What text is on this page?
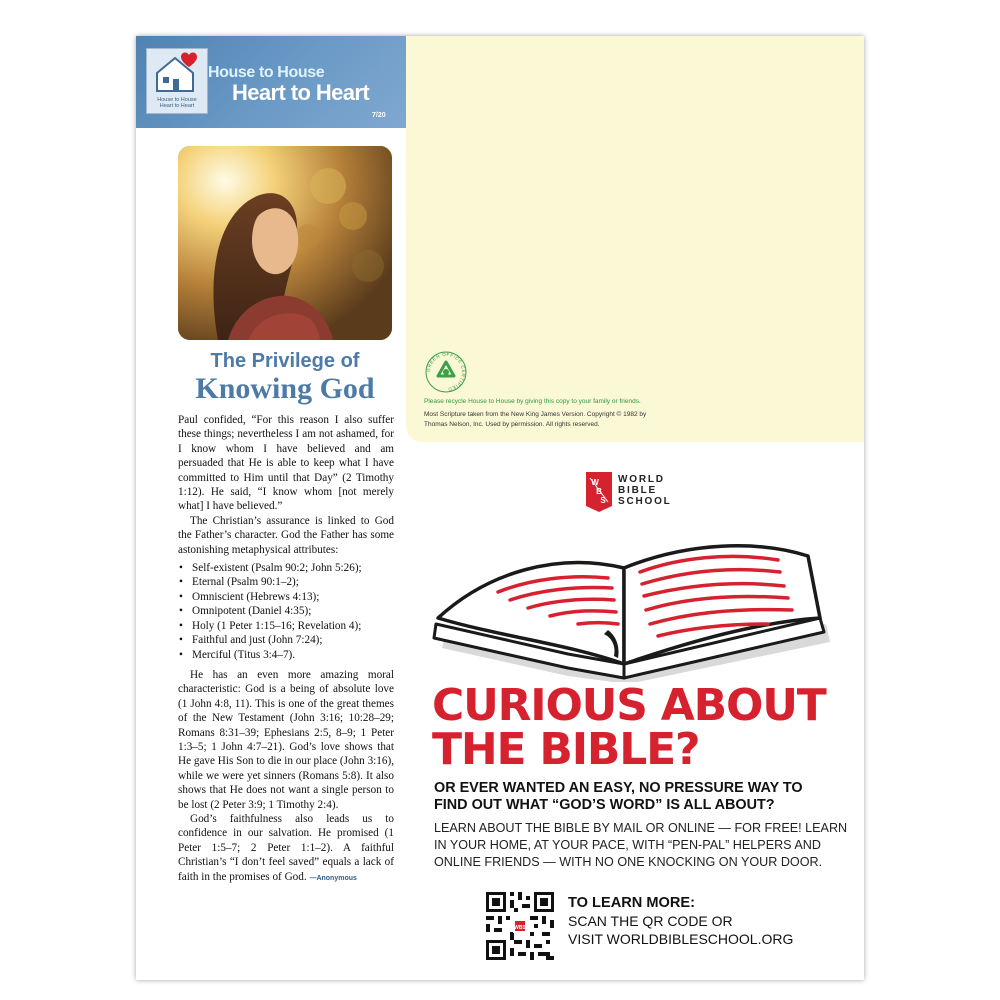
House to House
Heart to Heart
House to House
Heart to Heart
7/20
GREEN OFFICE CERTIFIED
Please recycle House to House by giving this copy to your family or friends.
Most Scripture taken from the New King James Version. Copyright © 1982 by
Thomas Nelson, Inc. Used by permission. All rights reserved.
The Privilege of
Knowing God

Paul confided, “For this reason I also suffer these things; nevertheless I am not ashamed, for I know whom I have believed and am persuaded that He is able to keep what I have committed to Him until that Day” (2 Timothy 1:12). He said, “I know whom [not merely what] I have believed.”

The Christian’s assurance is linked to God the Father’s character. God the Father has some astonishing metaphysical attributes:

• Self-existent (Psalm 90:2; John 5:26);
• Eternal (Psalm 90:1–2);
• Omniscient (Hebrews 4:13);
• Omnipotent (Daniel 4:35);
• Holy (1 Peter 1:15–16; Revelation 4);
• Faithful and just (John 7:24);
• Merciful (Titus 3:4–7).

He has an even more amazing moral characteristic: God is a being of absolute love (1 John 4:8, 11). This is one of the great themes of the New Testament (John 3:16; 10:28–29; Romans 8:31–39; Ephesians 2:5, 8–9; 1 Peter 1:3–5; 1 John 4:7–21). God’s love shows that He gave His Son to die in our place (John 3:16), while we were yet sinners (Romans 5:8). It also shows that He does not want a single person to be lost (2 Peter 3:9; 1 Timothy 2:4).

God’s faithfulness also leads us to confidence in our salvation. He promised (1 Peter 1:5–7; 2 Peter 1:1–2). A faithful Christian’s “I don’t feel saved” equals a lack of faith in the promises of God. —Anonymous

W
B
S
WORLD
BIBLE
SCHOOL
CURIOUS ABOUT
THE BIBLE?
OR EVER WANTED AN EASY, NO PRESSURE WAY TO
FIND OUT WHAT “GOD’S WORD” IS ALL ABOUT?
LEARN ABOUT THE BIBLE BY MAIL OR ONLINE — FOR FREE! LEARN
IN YOUR HOME, AT YOUR PACE, WITH “PEN-PAL” HELPERS AND
ONLINE FRIENDS — WITH NO ONE KNOCKING ON YOUR DOOR.
WBS
TO LEARN MORE:
SCAN THE QR CODE OR
VISIT WORLDBIBLESCHOOL.ORG
